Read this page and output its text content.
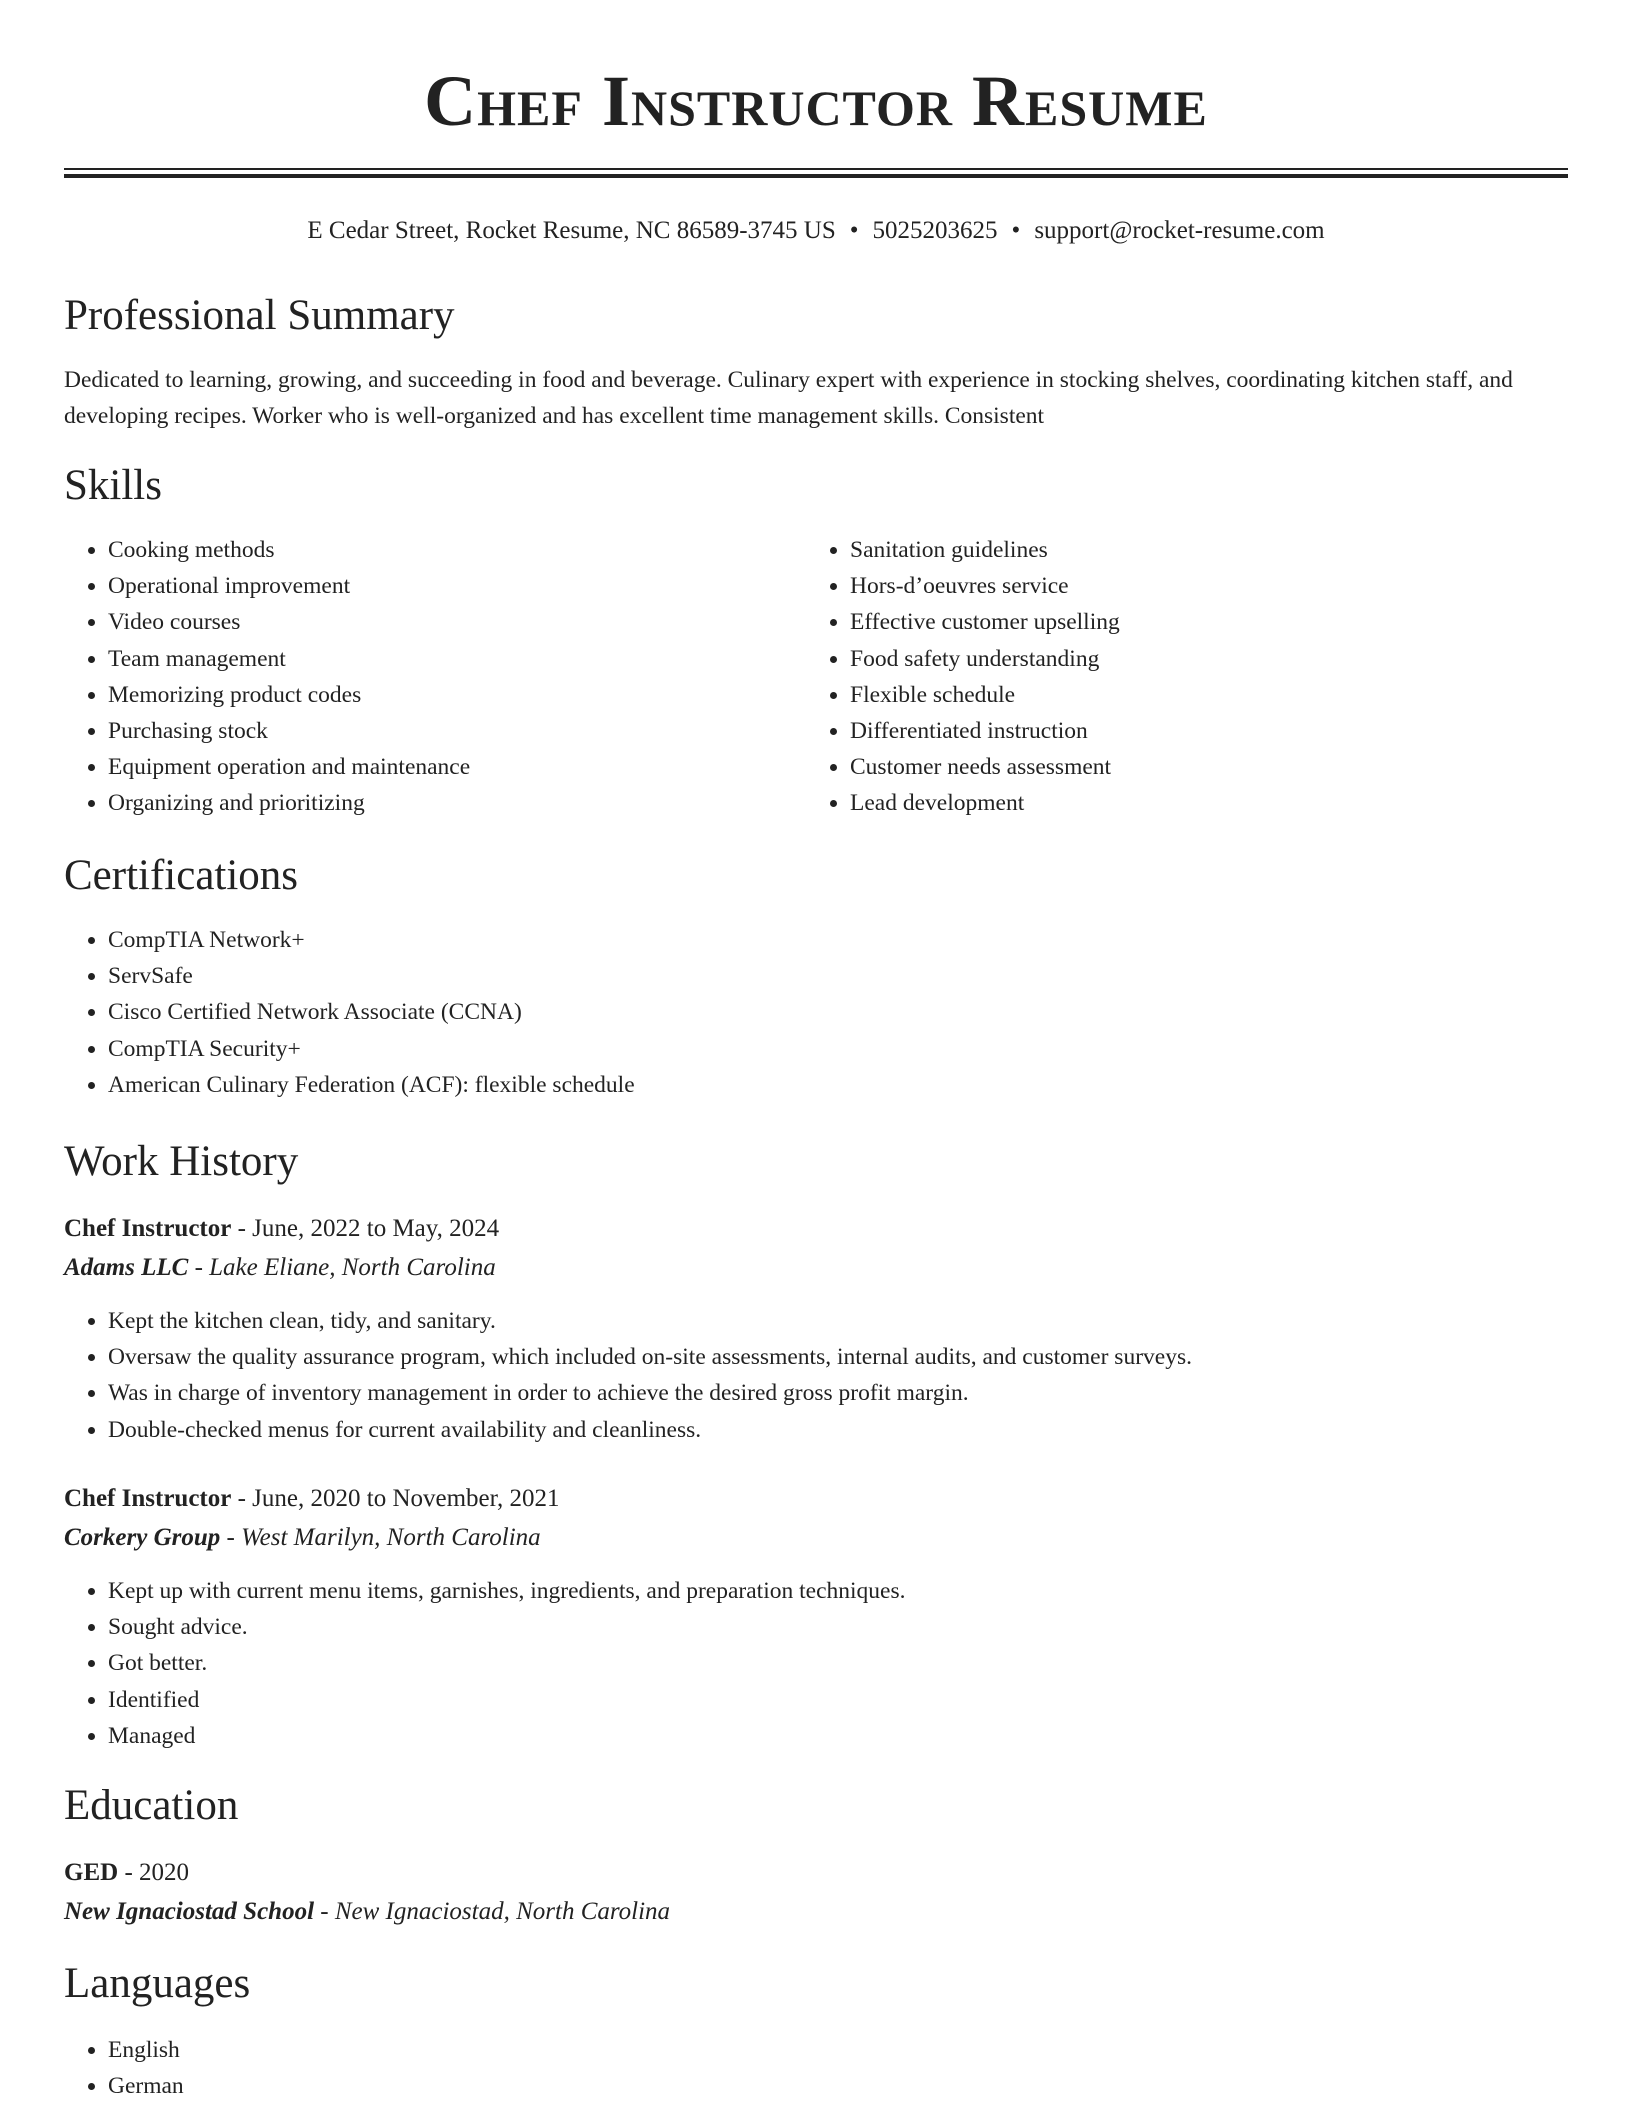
Chef Instructor Resume
E Cedar Street, Rocket Resume, NC 86589-3745 US • 5025203625 • support@rocket-resume.com
Professional Summary

Dedicated to learning, growing, and succeeding in food and beverage. Culinary expert with experience in stocking shelves, coordinating kitchen staff, and developing recipes. Worker who is well-organized and has excellent time management skills. Consistent

Skills
• Cooking methods
• Operational improvement
• Video courses
• Team management
• Memorizing product codes
• Purchasing stock
• Equipment operation and maintenance
• Organizing and prioritizing
• Sanitation guidelines
• Hors-d’oeuvres service
• Effective customer upselling
• Food safety understanding
• Flexible schedule
• Differentiated instruction
• Customer needs assessment
• Lead development
Certifications
• CompTIA Network+
• ServSafe
• Cisco Certified Network Associate (CCNA)
• CompTIA Security+
• American Culinary Federation (ACF): flexible schedule
Work History
Chef Instructor - June, 2022 to May, 2024
Adams LLC - Lake Eliane, North Carolina
• Kept the kitchen clean, tidy, and sanitary.
• Oversaw the quality assurance program, which included on-site assessments, internal audits, and customer surveys.
• Was in charge of inventory management in order to achieve the desired gross profit margin.
• Double-checked menus for current availability and cleanliness.
Chef Instructor - June, 2020 to November, 2021
Corkery Group - West Marilyn, North Carolina
• Kept up with current menu items, garnishes, ingredients, and preparation techniques.
• Sought advice.
• Got better.
• Identified
• Managed
Education
GED - 2020
New Ignaciostad School - New Ignaciostad, North Carolina
Languages
• English
• German
